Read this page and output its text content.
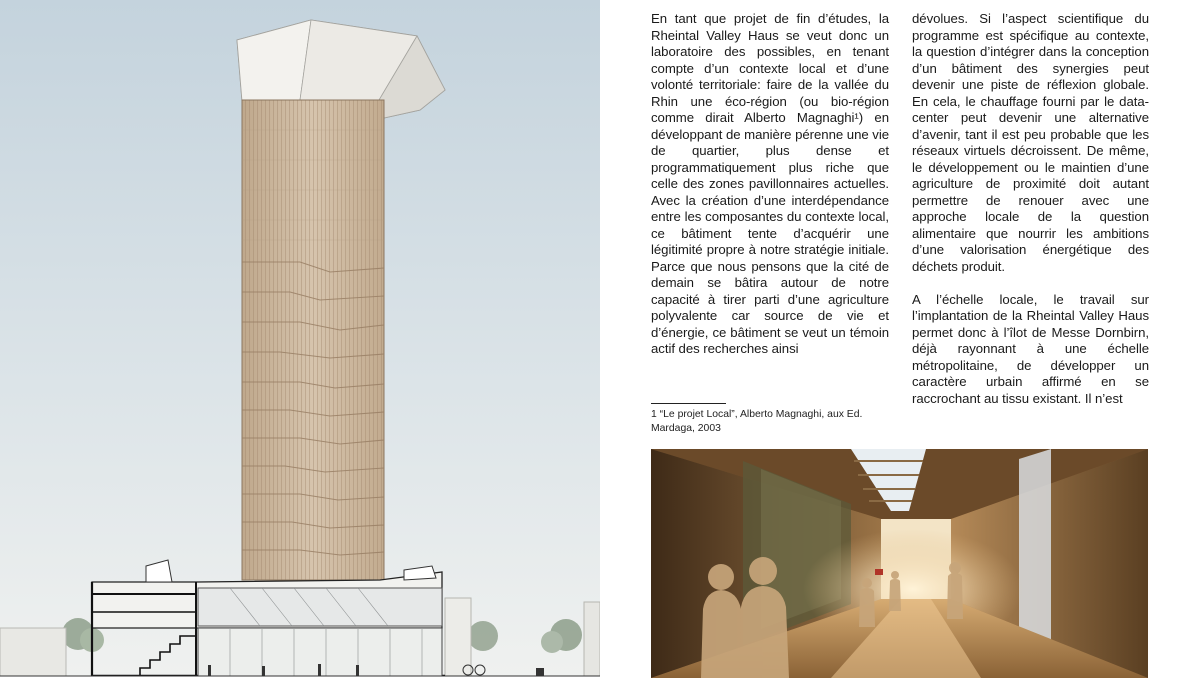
En tant que projet de fin d’études, la Rheintal Valley Haus se veut donc un laboratoire des possibles, en tenant compte d’un contexte local et d’une volonté territoriale: faire de la vallée du Rhin une éco-région (ou bio-région comme dirait Alberto Magnaghi¹) en développant de manière pérenne une vie de quartier, plus dense et programmatiquement plus riche que celle des zones pavillonnaires actuelles. Avec la création d’une interdépendance entre les composantes du contexte local, ce bâtiment tente d’acquérir une légitimité propre à notre stratégie initiale. Parce que nous pensons que la cité de demain se bâtira autour de notre capacité à tirer parti d’une agriculture polyvalente car source de vie et d’énergie, ce bâtiment se veut un témoin actif des recherches ainsi

dévolues. Si l’aspect scientifique du programme est spécifique au contexte, la question d’intégrer dans la conception d’un bâtiment des synergies peut devenir une piste de réflexion globale. En cela, le chauffage fourni par le data-center peut devenir une alternative d’avenir, tant il est peu probable que les réseaux virtuels décroissent. De même, le développement ou le maintien d’une agriculture de proximité doit autant permettre de renouer avec une approche locale de la question alimentaire que nourrir les ambitions d’une valorisation énergétique des déchets produit.

A l’échelle locale, le travail sur l’implantation de la Rheintal Valley Haus permet donc à l’îlot de Messe Dornbirn, déjà rayonnant à une échelle métropolitaine, de développer un caractère urbain affirmé en se raccrochant au tissu existant. Il n’est

1 “Le projet Local”, Alberto Magnaghi, aux Ed. Mardaga, 2003
